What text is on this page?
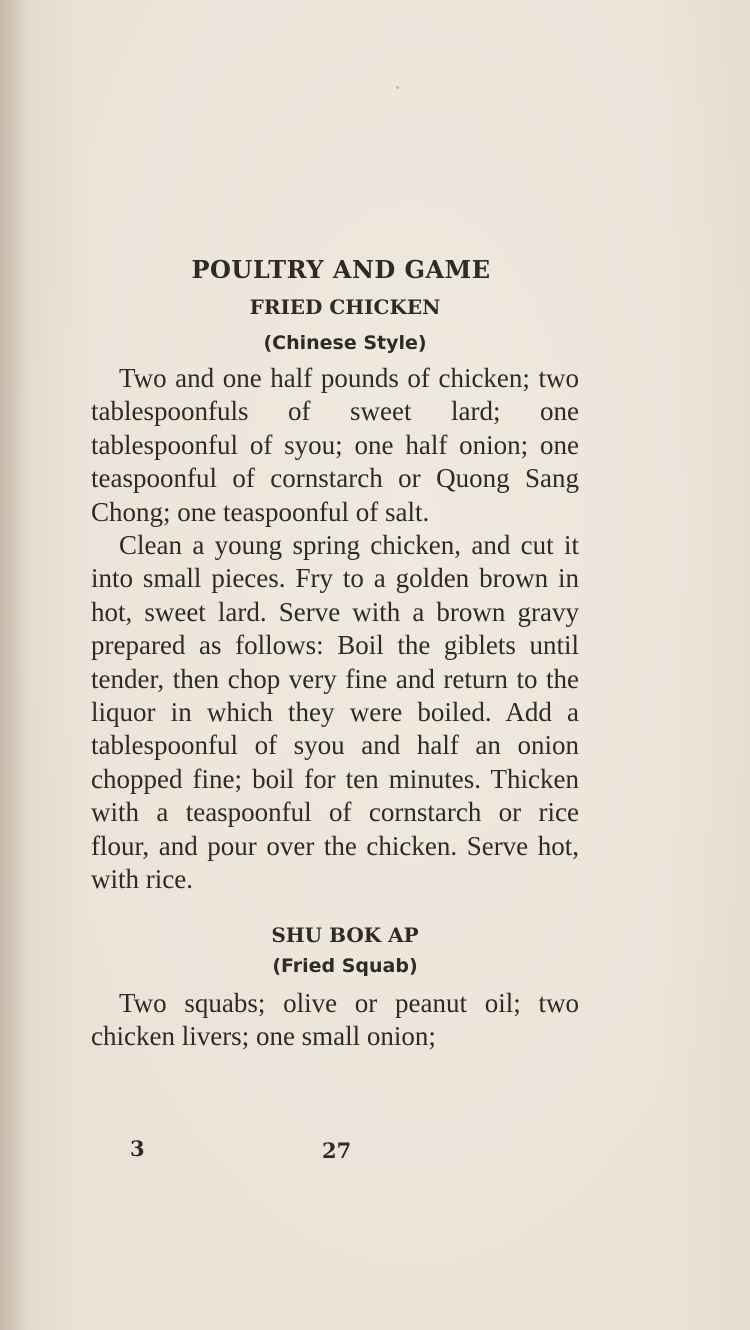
POULTRY AND GAME
FRIED CHICKEN
(Chinese Style)

Two and one half pounds of chicken; two tablespoonfuls of sweet lard; one tablespoonful of syou; one half onion; one teaspoonful of cornstarch or Quong Sang Chong; one teaspoonful of salt.

Clean a young spring chicken, and cut it into small pieces. Fry to a golden brown in hot, sweet lard. Serve with a brown gravy prepared as follows: Boil the giblets until tender, then chop very fine and return to the liquor in which they were boiled. Add a tablespoonful of syou and half an onion chopped fine; boil for ten minutes. Thicken with a teaspoonful of cornstarch or rice flour, and pour over the chicken. Serve hot, with rice.

SHU BOK AP
(Fried Squab)

Two squabs; olive or peanut oil; two chicken livers; one small onion;

3	27
